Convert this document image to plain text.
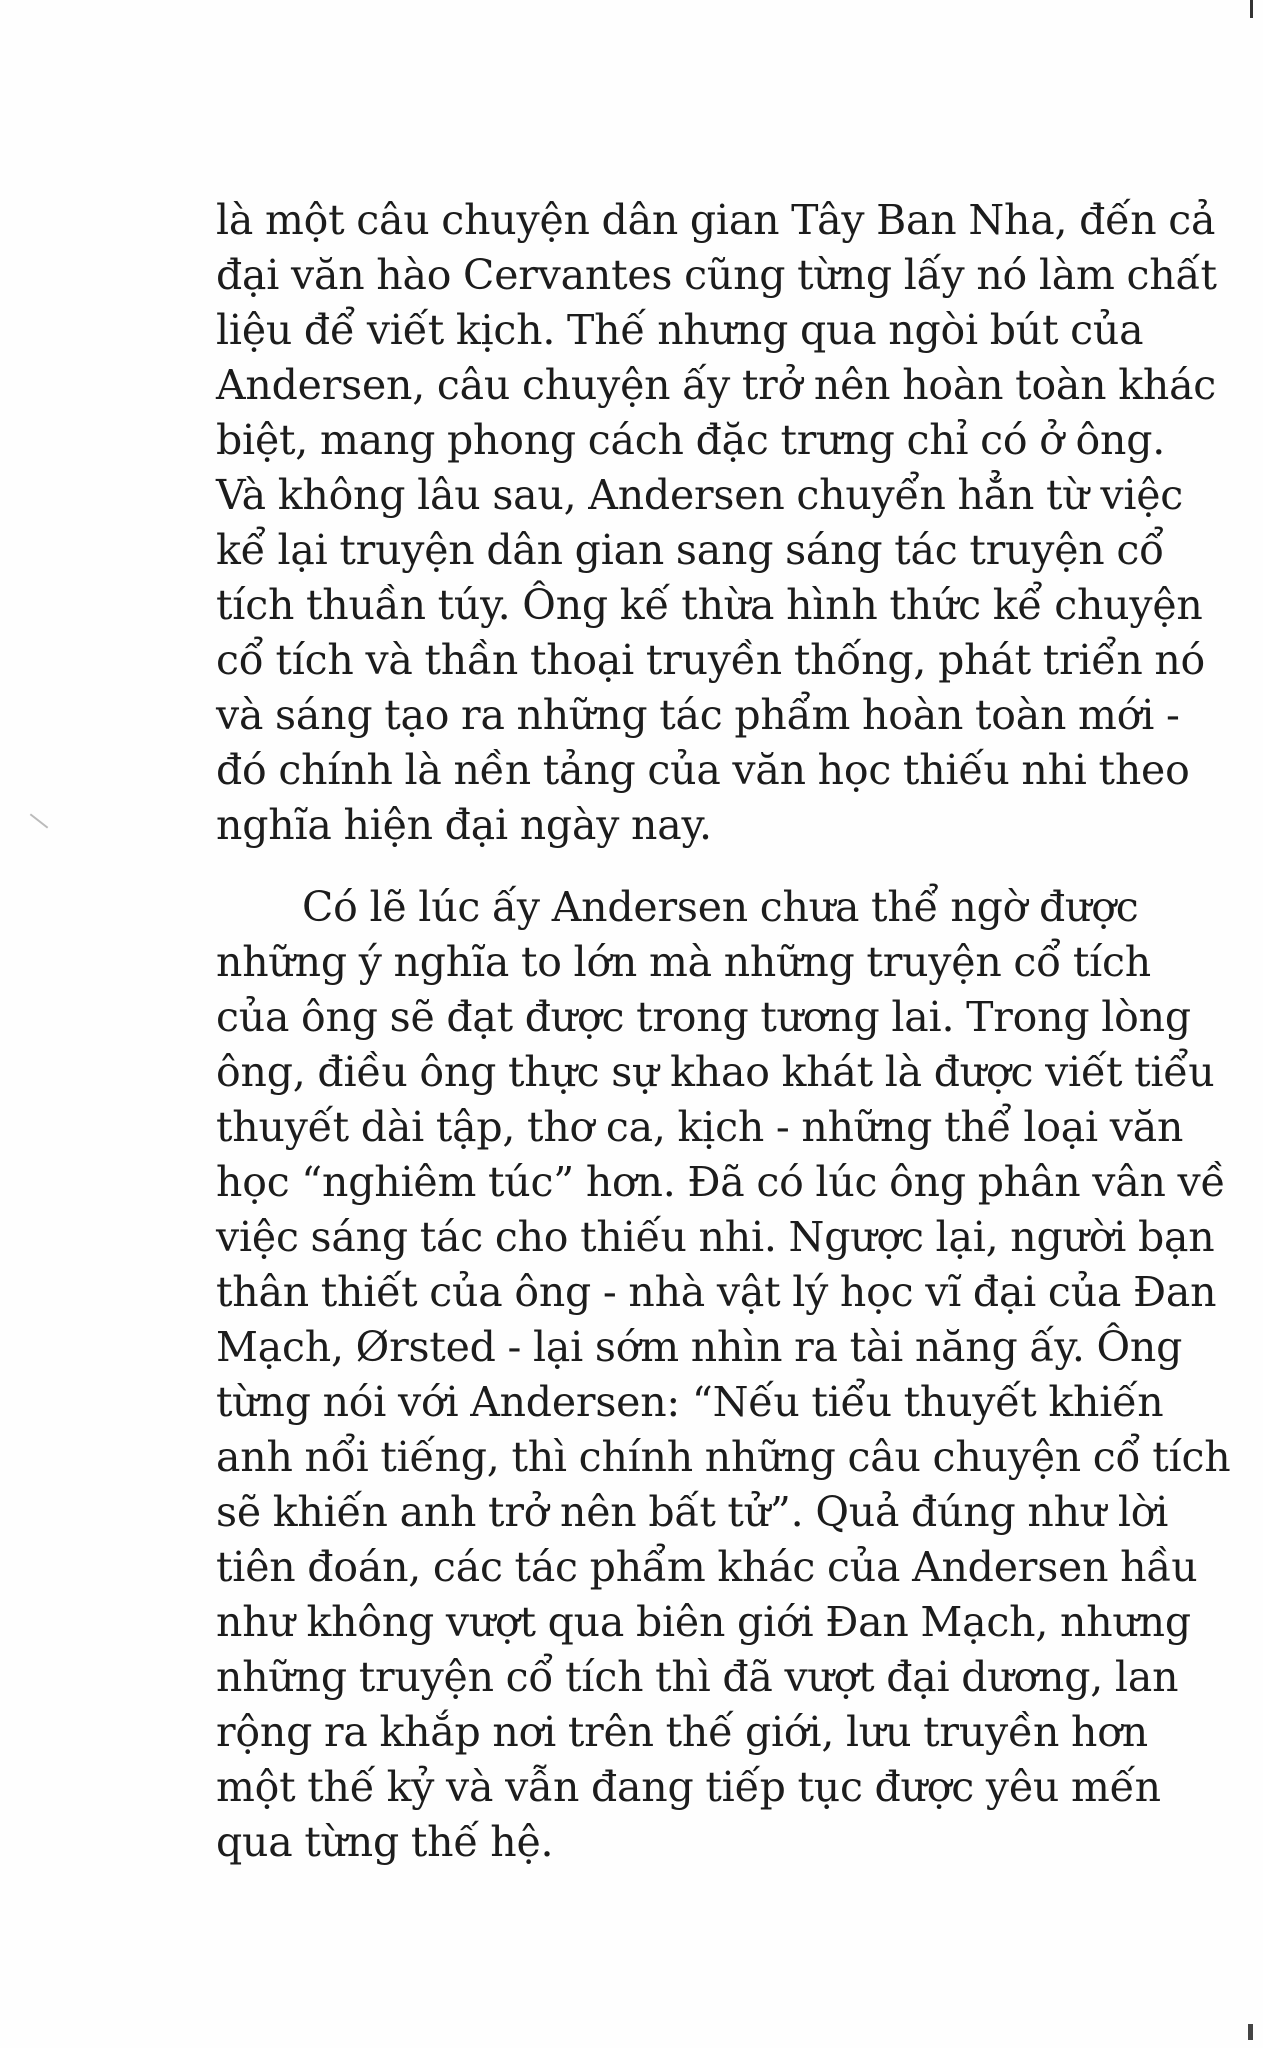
là một câu chuyện dân gian Tây Ban Nha, đến cả
đại văn hào Cervantes cũng từng lấy nó làm chất
liệu để viết kịch. Thế nhưng qua ngòi bút của
Andersen, câu chuyện ấy trở nên hoàn toàn khác
biệt, mang phong cách đặc trưng chỉ có ở ông.
Và không lâu sau, Andersen chuyển hẳn từ việc
kể lại truyện dân gian sang sáng tác truyện cổ
tích thuần túy. Ông kế thừa hình thức kể chuyện
cổ tích và thần thoại truyền thống, phát triển nó
và sáng tạo ra những tác phẩm hoàn toàn mới -
đó chính là nền tảng của văn học thiếu nhi theo
nghĩa hiện đại ngày nay.
Có lẽ lúc ấy Andersen chưa thể ngờ được
những ý nghĩa to lớn mà những truyện cổ tích
của ông sẽ đạt được trong tương lai. Trong lòng
ông, điều ông thực sự khao khát là được viết tiểu
thuyết dài tập, thơ ca, kịch - những thể loại văn
học “nghiêm túc” hơn. Đã có lúc ông phân vân về
việc sáng tác cho thiếu nhi. Ngược lại, người bạn
thân thiết của ông - nhà vật lý học vĩ đại của Đan
Mạch, Ørsted - lại sớm nhìn ra tài năng ấy. Ông
từng nói với Andersen: “Nếu tiểu thuyết khiến
anh nổi tiếng, thì chính những câu chuyện cổ tích
sẽ khiến anh trở nên bất tử”. Quả đúng như lời
tiên đoán, các tác phẩm khác của Andersen hầu
như không vượt qua biên giới Đan Mạch, nhưng
những truyện cổ tích thì đã vượt đại dương, lan
rộng ra khắp nơi trên thế giới, lưu truyền hơn
một thế kỷ và vẫn đang tiếp tục được yêu mến
qua từng thế hệ.
